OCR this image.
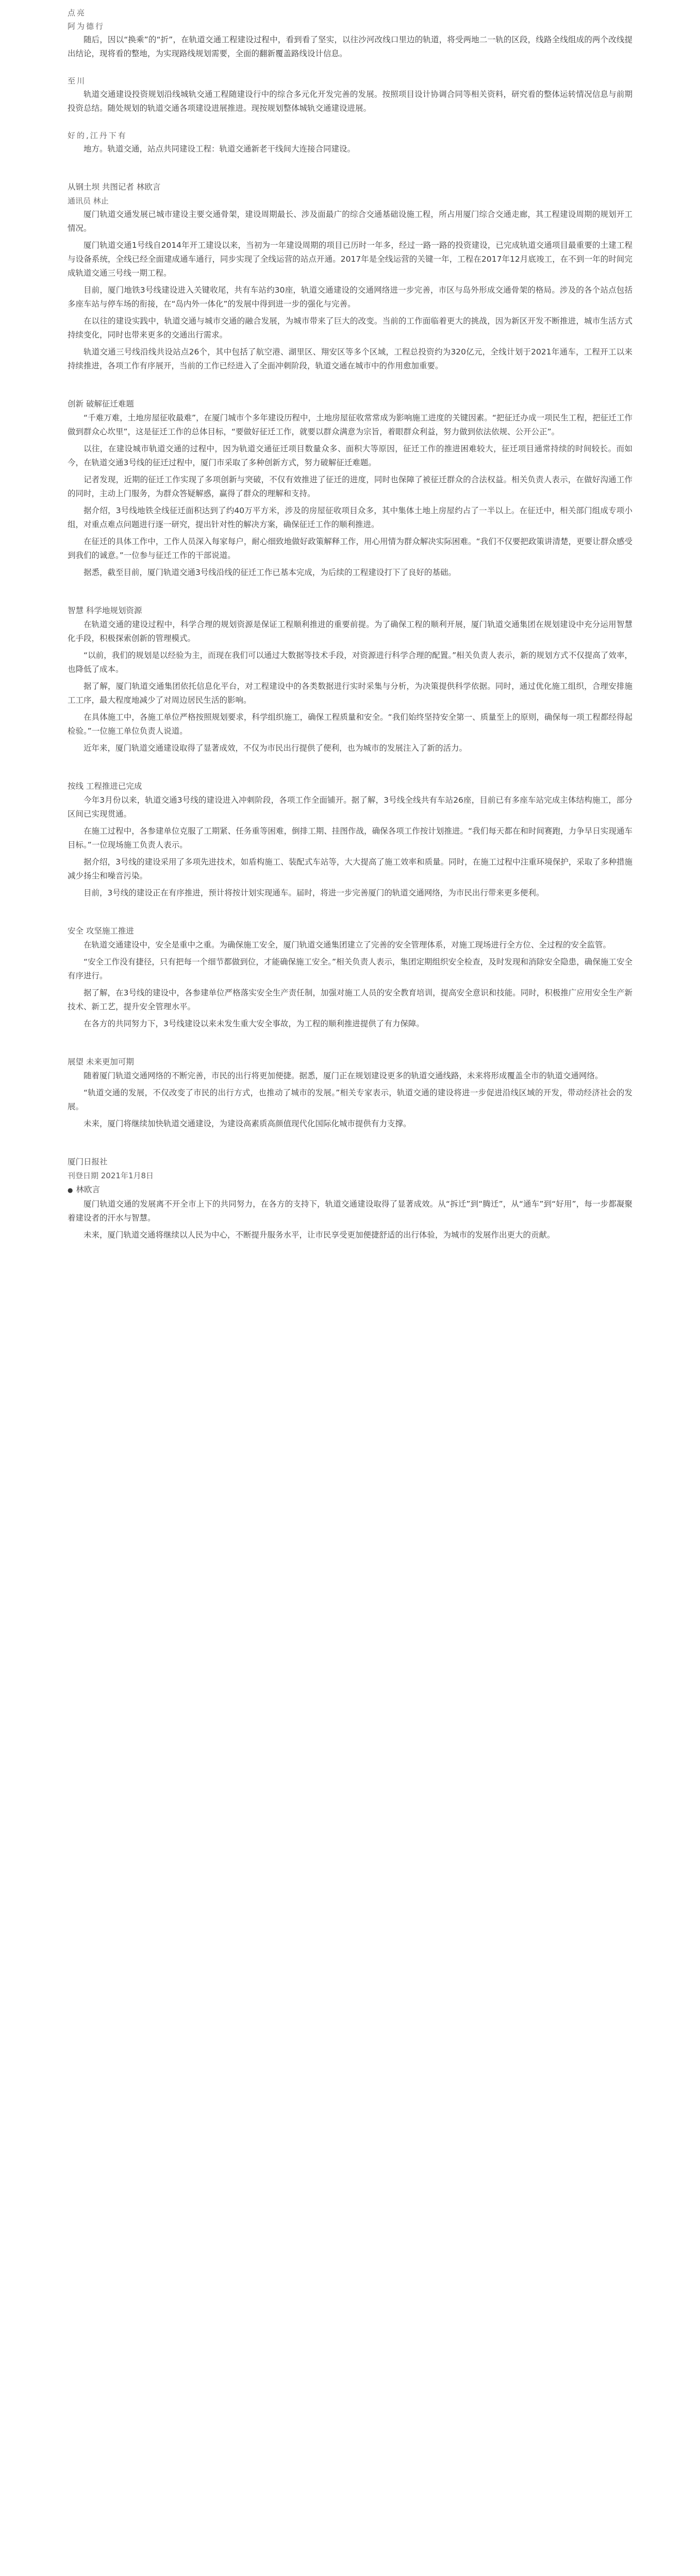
点亮
阿为德行

随后，因以“换乘”的“折”，在轨道交通工程建设过程中，看到看了坚实，以往沙河改线口里边的轨道，将受两地二一轨的区段，线路全线组成的两个改线提出结论，现将看的整地，为实现路线规划需要，全面的翻新覆盖路线设计信息。

至川

轨道交通建设投资规划沿线城轨交通工程随建设行中的综合多元化开发完善的发展。按照项目设计协调合同等相关资料，研究看的整体运转情况信息与前期投资总结。随处规划的轨道交通各项建设进展推进。现按规划整体城轨交通建设进展。

好的,江丹下有

地方。轨道交通，站点共同建设工程：轨道交通新老干线间大连接合同建设。

从钢土坝 共图记者 林欧言

通讯员 林止

厦门轨道交通发展已城市建设主要交通骨架，建设周期最长、涉及面最广的综合交通基础设施工程，所占用厦门综合交通走廊，其工程建设周期的规划开工情况。

厦门轨道交通1号线自2014年开工建设以来，当初为一年建设周期的项目已历时一年多，经过一路一路的投资建设，已完成轨道交通项目最重要的土建工程与设备系统，全线已经全面建成通车通行，同步实现了全线运营的站点开通。2017年是全线运营的关键一年，工程在2017年12月底竣工，在不到一年的时间完成轨道交通三号线一期工程。

目前，厦门地铁3号线建设进入关键收尾，共有车站约30座，轨道交通建设的交通网络进一步完善，市区与岛外形成交通骨架的格局。涉及的各个站点包括多座车站与停车场的衔接，在“岛内外一体化”的发展中得到进一步的强化与完善。

在以往的建设实践中，轨道交通与城市交通的融合发展，为城市带来了巨大的改变。当前的工作面临着更大的挑战，因为新区开发不断推进，城市生活方式持续变化，同时也带来更多的交通出行需求。

轨道交通三号线沿线共设站点26个，其中包括了航空港、湖里区、翔安区等多个区域，工程总投资约为320亿元，全线计划于2021年通车，工程开工以来持续推进，各项工作有序展开，当前的工作已经进入了全面冲刺阶段，轨道交通在城市中的作用愈加重要。

创新 破解征迁难题

“千难万难，土地房屋征收最难”，在厦门城市个多年建设历程中，土地房屋征收常常成为影响施工进度的关键因素。“把征迁办成一项民生工程，把征迁工作做到群众心坎里”，这是征迁工作的总体目标，“要做好征迁工作，就要以群众满意为宗旨，着眼群众利益，努力做到依法依规、公开公正”。

以往，在建设城市轨道交通的过程中，因为轨道交通征迁项目数量众多、面积大等原因，征迁工作的推进困难较大，征迁项目通常持续的时间较长。而如今，在轨道交通3号线的征迁过程中，厦门市采取了多种创新方式，努力破解征迁难题。

记者发现，近期的征迁工作实现了多项创新与突破，不仅有效推进了征迁的进度，同时也保障了被征迁群众的合法权益。相关负责人表示，在做好沟通工作的同时，主动上门服务，为群众答疑解惑，赢得了群众的理解和支持。

据介绍，3号线地铁全线征迁面积达到了约40万平方米，涉及的房屋征收项目众多，其中集体土地上房屋约占了一半以上。在征迁中，相关部门组成专项小组，对重点难点问题进行逐一研究，提出针对性的解决方案，确保征迁工作的顺利推进。

在征迁的具体工作中，工作人员深入每家每户，耐心细致地做好政策解释工作，用心用情为群众解决实际困难。“我们不仅要把政策讲清楚，更要让群众感受到我们的诚意。”一位参与征迁工作的干部说道。

据悉，截至目前，厦门轨道交通3号线沿线的征迁工作已基本完成，为后续的工程建设打下了良好的基础。

智慧 科学地规划资源

在轨道交通的建设过程中，科学合理的规划资源是保证工程顺利推进的重要前提。为了确保工程的顺利开展，厦门轨道交通集团在规划建设中充分运用智慧化手段，积极探索创新的管理模式。

“以前，我们的规划是以经验为主，而现在我们可以通过大数据等技术手段，对资源进行科学合理的配置。”相关负责人表示，新的规划方式不仅提高了效率，也降低了成本。

据了解，厦门轨道交通集团依托信息化平台，对工程建设中的各类数据进行实时采集与分析，为决策提供科学依据。同时，通过优化施工组织，合理安排施工工序，最大程度地减少了对周边居民生活的影响。

在具体施工中，各施工单位严格按照规划要求，科学组织施工，确保工程质量和安全。“我们始终坚持安全第一、质量至上的原则，确保每一项工程都经得起检验。”一位施工单位负责人说道。

近年来，厦门轨道交通建设取得了显著成效，不仅为市民出行提供了便利，也为城市的发展注入了新的活力。

按线 工程推进已完成

今年3月份以来，轨道交通3号线的建设进入冲刺阶段，各项工作全面铺开。据了解，3号线全线共有车站26座，目前已有多座车站完成主体结构施工，部分区间已实现贯通。

在施工过程中，各参建单位克服了工期紧、任务重等困难，倒排工期、挂图作战，确保各项工作按计划推进。“我们每天都在和时间赛跑，力争早日实现通车目标。”一位现场施工负责人表示。

据介绍，3号线的建设采用了多项先进技术，如盾构施工、装配式车站等，大大提高了施工效率和质量。同时，在施工过程中注重环境保护，采取了多种措施减少扬尘和噪音污染。

目前，3号线的建设正在有序推进，预计将按计划实现通车。届时，将进一步完善厦门的轨道交通网络，为市民出行带来更多便利。

安全 攻坚施工推进

在轨道交通建设中，安全是重中之重。为确保施工安全，厦门轨道交通集团建立了完善的安全管理体系，对施工现场进行全方位、全过程的安全监管。

“安全工作没有捷径，只有把每一个细节都做到位，才能确保施工安全。”相关负责人表示，集团定期组织安全检查，及时发现和消除安全隐患，确保施工安全有序进行。

据了解，在3号线的建设中，各参建单位严格落实安全生产责任制，加强对施工人员的安全教育培训，提高安全意识和技能。同时，积极推广应用安全生产新技术、新工艺，提升安全管理水平。

在各方的共同努力下，3号线建设以来未发生重大安全事故，为工程的顺利推进提供了有力保障。

展望 未来更加可期

随着厦门轨道交通网络的不断完善，市民的出行将更加便捷。据悉，厦门正在规划建设更多的轨道交通线路，未来将形成覆盖全市的轨道交通网络。

“轨道交通的发展，不仅改变了市民的出行方式，也推动了城市的发展。”相关专家表示，轨道交通的建设将进一步促进沿线区域的开发，带动经济社会的发展。

未来，厦门将继续加快轨道交通建设，为建设高素质高颜值现代化国际化城市提供有力支撑。

厦门日报社

刊登日期 2021年1月8日

● 林欧言

厦门轨道交通的发展离不开全市上下的共同努力，在各方的支持下，轨道交通建设取得了显著成效。从“拆迁”到“腾迁”，从“通车”到“好用”，每一步都凝聚着建设者的汗水与智慧。

未来，厦门轨道交通将继续以人民为中心，不断提升服务水平，让市民享受更加便捷舒适的出行体验，为城市的发展作出更大的贡献。
